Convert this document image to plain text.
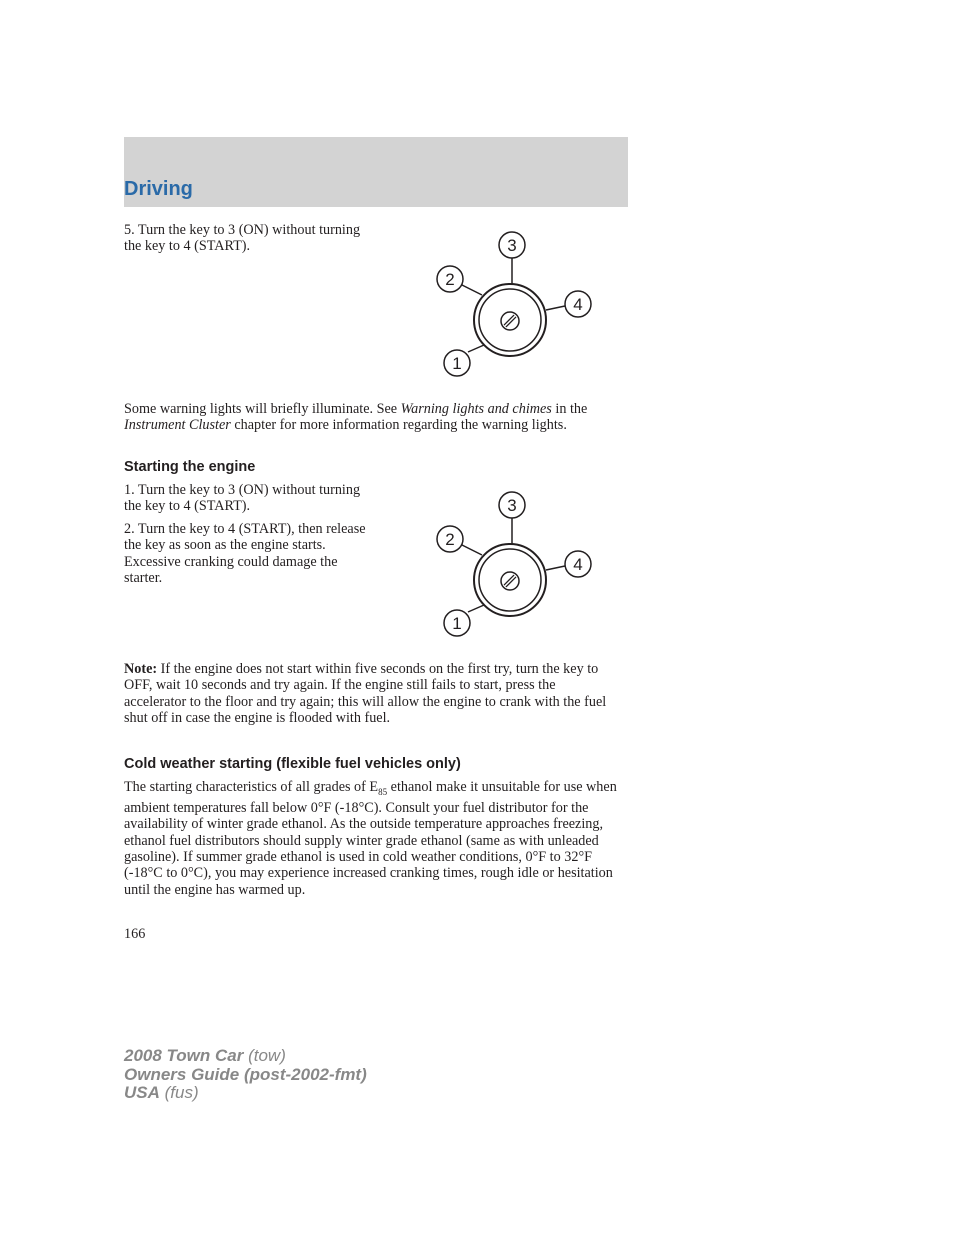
Driving

5. Turn the key to 3 (ON) without turning the key to 4 (START).	3
2
4
1

Some warning lights will briefly illuminate. See Warning lights and chimes in the Instrument Cluster chapter for more information regarding the warning lights.

Starting the engine

1. Turn the key to 3 (ON) without turning the key to 4 (START).

2. Turn the key to 4 (START), then release the key as soon as the engine starts. Excessive cranking could damage the starter.

3
2
4
1

Note: If the engine does not start within five seconds on the first try, turn the key to OFF, wait 10 seconds and try again. If the engine still fails to start, press the accelerator to the floor and try again; this will allow the engine to crank with the fuel shut off in case the engine is flooded with fuel.

Cold weather starting (flexible fuel vehicles only)

The starting characteristics of all grades of $E_{85}$ ethanol make it unsuitable for use when ambient temperatures fall below 0°F (-18°C). Consult your fuel distributor for the availability of winter grade ethanol. As the outside temperature approaches freezing, ethanol fuel distributors should supply winter grade ethanol (same as with unleaded gasoline). If summer grade ethanol is used in cold weather conditions, 0°F to 32°F (-18°C to 0°C), you may experience increased cranking times, rough idle or hesitation until the engine has warmed up.

166
2008 Town Car (tow)
Owners Guide (post-2002-fmt)
USA (fus)
